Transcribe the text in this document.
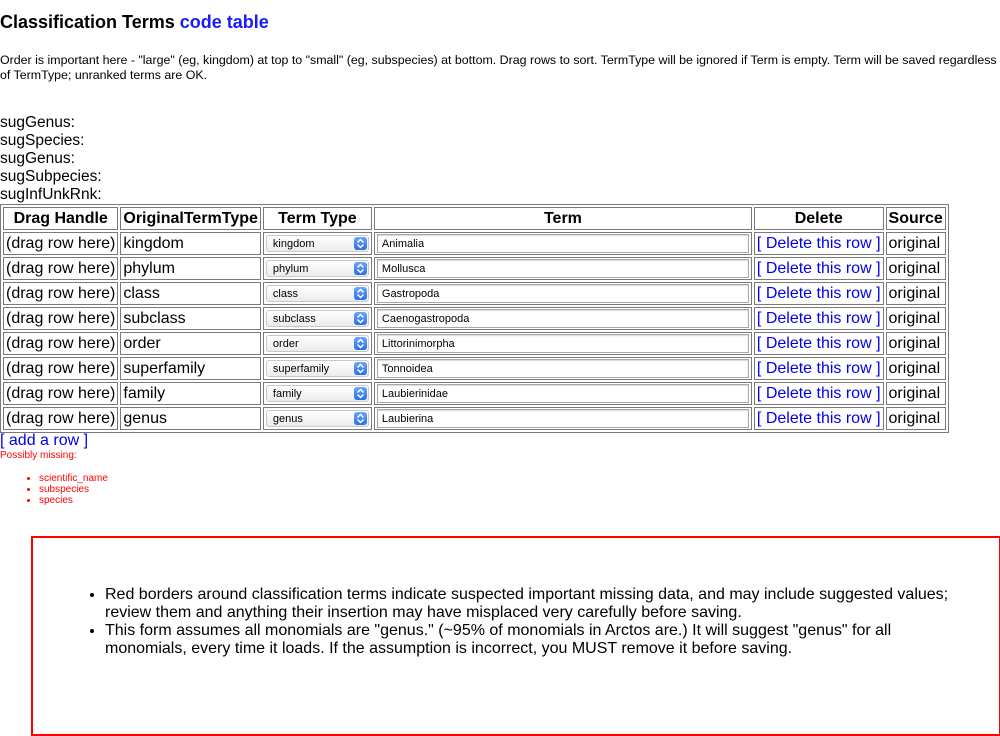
Classification Terms code table

Order is important here - "large" (eg, kingdom) at top to "small" (eg, subspecies) at bottom. Drag rows to sort. TermType will be ignored if Term is empty. Term will be saved regardless of TermType; unranked terms are OK.

sugGenus:
sugSpecies:
sugGenus:
sugSubpecies:
sugInfUnkRnk:
Drag Handle	OriginalTermType	Term Type	Term	Delete	Source
(drag row here)	kingdom	kingdom	Animalia	[ Delete this row ]	original
(drag row here)	phylum	phylum	Mollusca	[ Delete this row ]	original
(drag row here)	class	class	Gastropoda	[ Delete this row ]	original
(drag row here)	subclass	subclass	Caenogastropoda	[ Delete this row ]	original
(drag row here)	order	order	Littorinimorpha	[ Delete this row ]	original
(drag row here)	superfamily	superfamily	Tonnoidea	[ Delete this row ]	original
(drag row here)	family	family	Laubierinidae	[ Delete this row ]	original
(drag row here)	genus	genus	Laubierina	[ Delete this row ]	original
[ add a row ]
Possibly missing:
• scientific_name
• subspecies
• species
• Red borders around classification terms indicate suspected important missing data, and may include suggested values; review them and anything their insertion may have misplaced very carefully before saving.
• This form assumes all monomials are "genus." (~95% of monomials in Arctos are.) It will suggest "genus" for all monomials, every time it loads. If the assumption is incorrect, you MUST remove it before saving.
